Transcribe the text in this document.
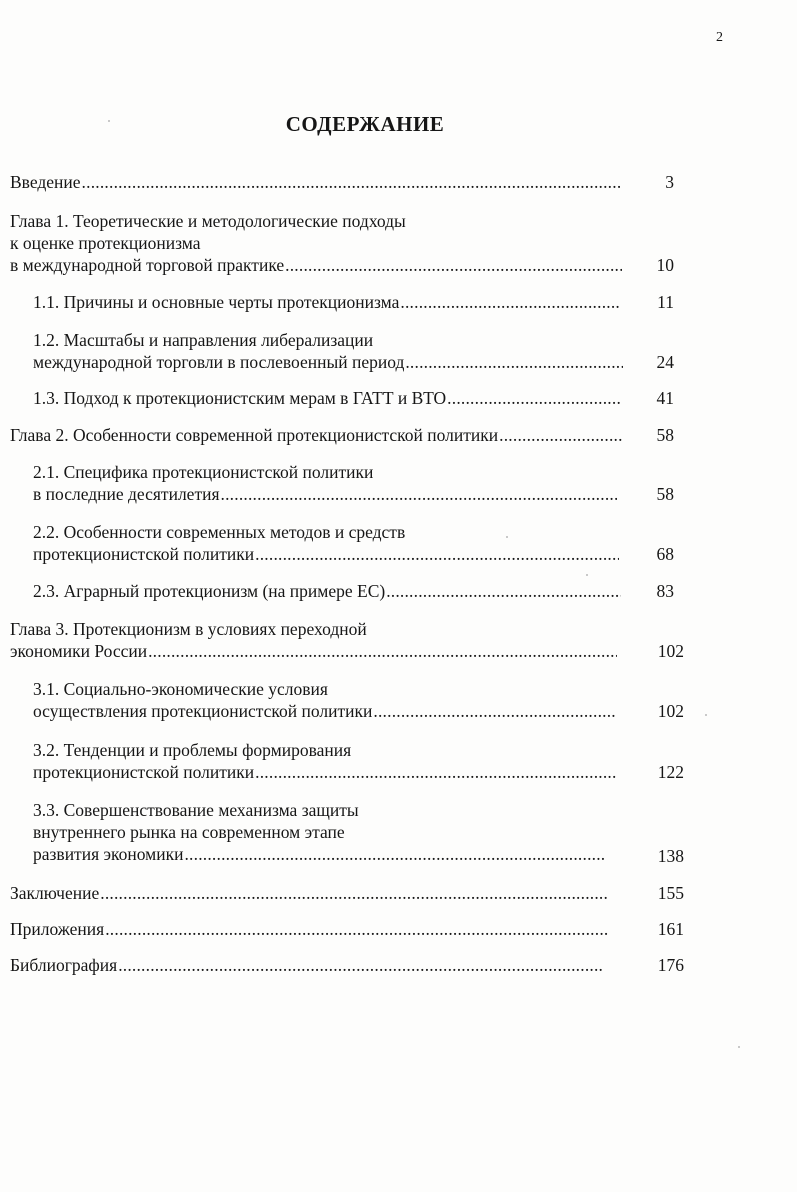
2
СОДЕРЖАНИЕ
Введение .....	3
Глава 1. Теоретические и методологические подходы
к оценке протекционизма
в международной торговой практике .....	10
1.1. Причины и основные черты протекционизма .....	11
1.2. Масштабы и направления либерализации
международной торговли в послевоенный период .....	24
1.3. Подход к протекционистским мерам в ГАТТ и ВТО .....	41
Глава 2. Особенности современной протекционистской политики .....	58
2.1. Специфика протекционистской политики
в последние десятилетия .....	58
2.2. Особенности современных методов и средств
протекционистской политики .....	68
2.3. Аграрный протекционизм (на примере ЕС) .....	83
Глава 3. Протекционизм в условиях переходной
экономики России .....	102
3.1. Социально-экономические условия
осуществления протекционистской политики .....	102
3.2. Тенденции и проблемы формирования
протекционистской политики .....	122
3.3. Совершенствование механизма защиты
внутреннего рынка на современном этапе
развития экономики .....	138
Заключение .....	155
Приложения .....	161
Библиография .....	176
